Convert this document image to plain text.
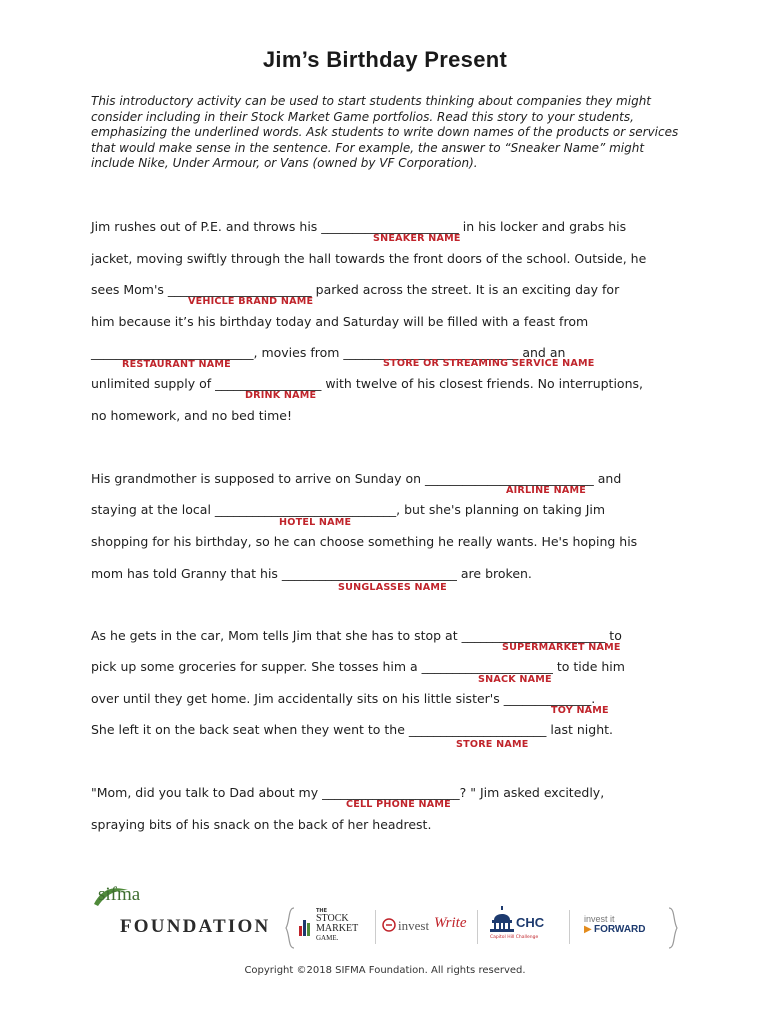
Jim’s Birthday Present
This introductory activity can be used to start students thinking about companies they might consider including in their Stock Market Game portfolios. Read this story to your students, emphasizing the underlined words. Ask students to write down names of the products or services that would make sense in the sentence. For example, the answer to “Sneaker Name” might include Nike, Under Armour, or Vans (owned by VF Corporation).
Jim rushes out of P.E. and throws his ______________________ in his locker and grabs his
SNEAKER NAME
jacket, moving swiftly through the hall towards the front doors of the school. Outside, he
sees Mom's _______________________ parked across the street. It is an exciting day for
VEHICLE BRAND NAME
him because it’s his birthday today and Saturday will be filled with a feast from
__________________________, movies from ____________________________ and an
RESTAURANT NAME	STORE OR STREAMING SERVICE NAME
unlimited supply of _________________ with twelve of his closest friends. No interruptions,
DRINK NAME
no homework, and no bed time!
His grandmother is supposed to arrive on Sunday on ___________________________ and
AIRLINE NAME
staying at the local _____________________________, but she's planning on taking Jim
HOTEL NAME
shopping for his birthday, so he can choose something he really wants. He's hoping his
mom has told Granny that his ____________________________ are broken.
SUNGLASSES NAME
As he gets in the car, Mom tells Jim that she has to stop at _______________________ to
SUPERMARKET NAME
pick up some groceries for supper. She tosses him a _____________________ to tide him
SNACK NAME
over until they get home. Jim accidentally sits on his little sister's ______________.
TOY NAME
She left it on the back seat when they went to the ______________________ last night.
STORE NAME
"Mom, did you talk to Dad about my ______________________? " Jim asked excitedly,
CELL PHONE NAME
spraying bits of his snack on the back of her headrest.
sifma
FOUNDATION
THE
STOCK
MARKET
GAME.
invest Write	CHC
Capitol Hill Challenge
invest it
▶ FORWARD
Copyright ©2018 SIFMA Foundation. All rights reserved.
